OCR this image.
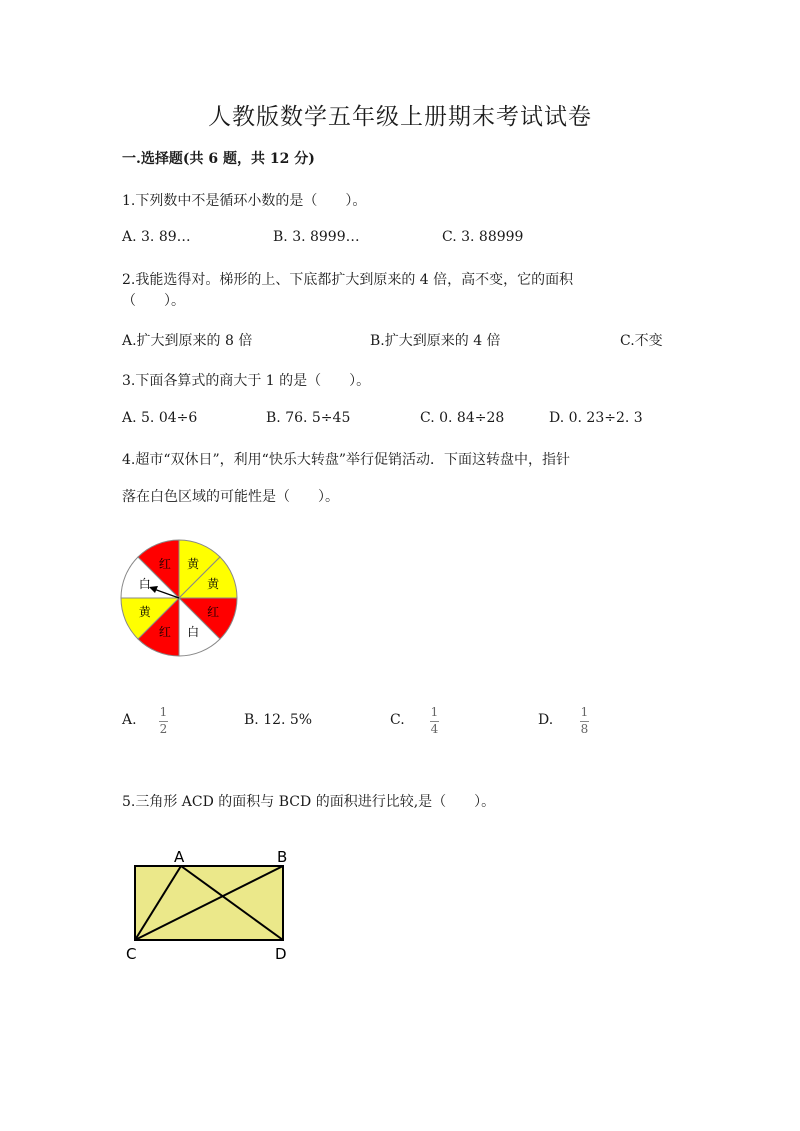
人教版数学五年级上册期末考试试卷
一.选择题(共 6 题，共 12 分)
1.下列数中不是循环小数的是（　　）。
A. 3. 89…	B. 3. 8999…	C. 3. 88999
2.我能选得对。梯形的上、下底都扩大到原来的 4 倍，高不变，它的面积
（　　）。
A.扩大到原来的 8 倍	B.扩大到原来的 4 倍	C.不变
3.下面各算式的商大于 1 的是（　　）。
A. 5. 04÷6	B. 76. 5÷45	C. 0. 84÷28	D. 0. 23÷2. 3
4.超市“双休日”，利用“快乐大转盘”举行促销活动．下面这转盘中，指针
落在白色区域的可能性是（　　）。
黄
黄
红
白
红
黄
白
红
A. 1
2
B. 12. 5%	C. 1
4
D. 1
8
5.三角形 ACD 的面积与 BCD 的面积进行比较,是（　　）。
A	B
C	D
